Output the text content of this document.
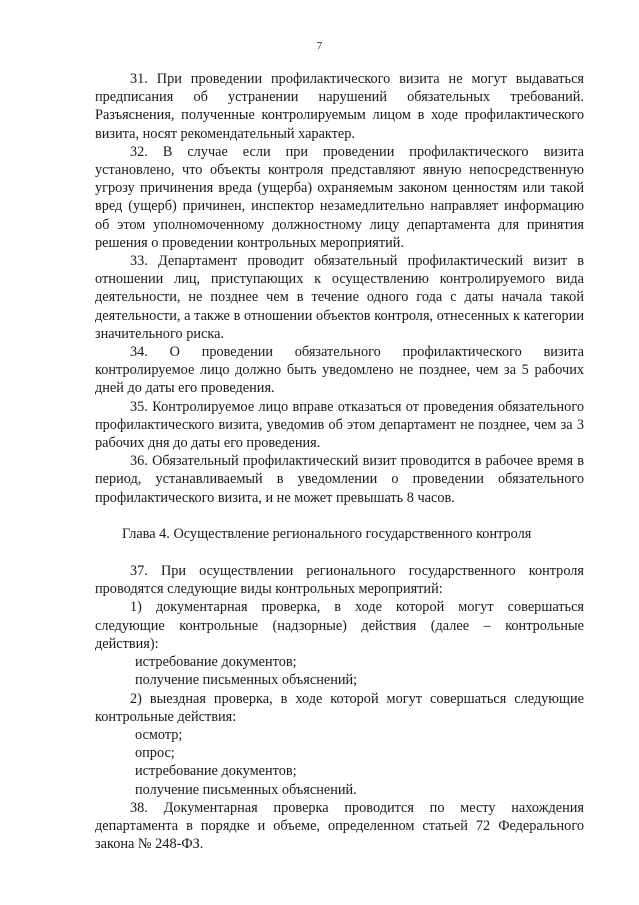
7

31. При проведении профилактического визита не могут выдаваться предписания об устранении нарушений обязательных требований. Разъяснения, полученные контролируемым лицом в ходе профилактического визита, носят рекомендательный характер.

32. В случае если при проведении профилактического визита установлено, что объекты контроля представляют явную непосредственную угрозу причинения вреда (ущерба) охраняемым законом ценностям или такой вред (ущерб) причинен, инспектор незамедлительно направляет информацию об этом уполномоченному должностному лицу департамента для принятия решения о проведении контрольных мероприятий.

33. Департамент проводит обязательный профилактический визит в отношении лиц, приступающих к осуществлению контролируемого вида деятельности, не позднее чем в течение одного года с даты начала такой деятельности, а также в отношении объектов контроля, отнесенных к категории значительного риска.

34. О проведении обязательного профилактического визита контролируемое лицо должно быть уведомлено не позднее, чем за 5 рабочих дней до даты его проведения.

35. Контролируемое лицо вправе отказаться от проведения обязательного профилактического визита, уведомив об этом департамент не позднее, чем за 3 рабочих дня до даты его проведения.

36. Обязательный профилактический визит проводится в рабочее время в период, устанавливаемый в уведомлении о проведении обязательного профилактического визита, и не может превышать 8 часов.

Глава 4. Осуществление регионального государственного контроля

37. При осуществлении регионального государственного контроля проводятся следующие виды контрольных мероприятий:

1) документарная проверка, в ходе которой могут совершаться следующие контрольные (надзорные) действия (далее – контрольные действия):

истребование документов;

получение письменных объяснений;

2) выездная проверка, в ходе которой могут совершаться следующие контрольные действия:

осмотр;

опрос;

истребование документов;

получение письменных объяснений.

38. Документарная проверка проводится по месту нахождения департамента в порядке и объеме, определенном статьей 72 Федерального закона № 248-ФЗ.
